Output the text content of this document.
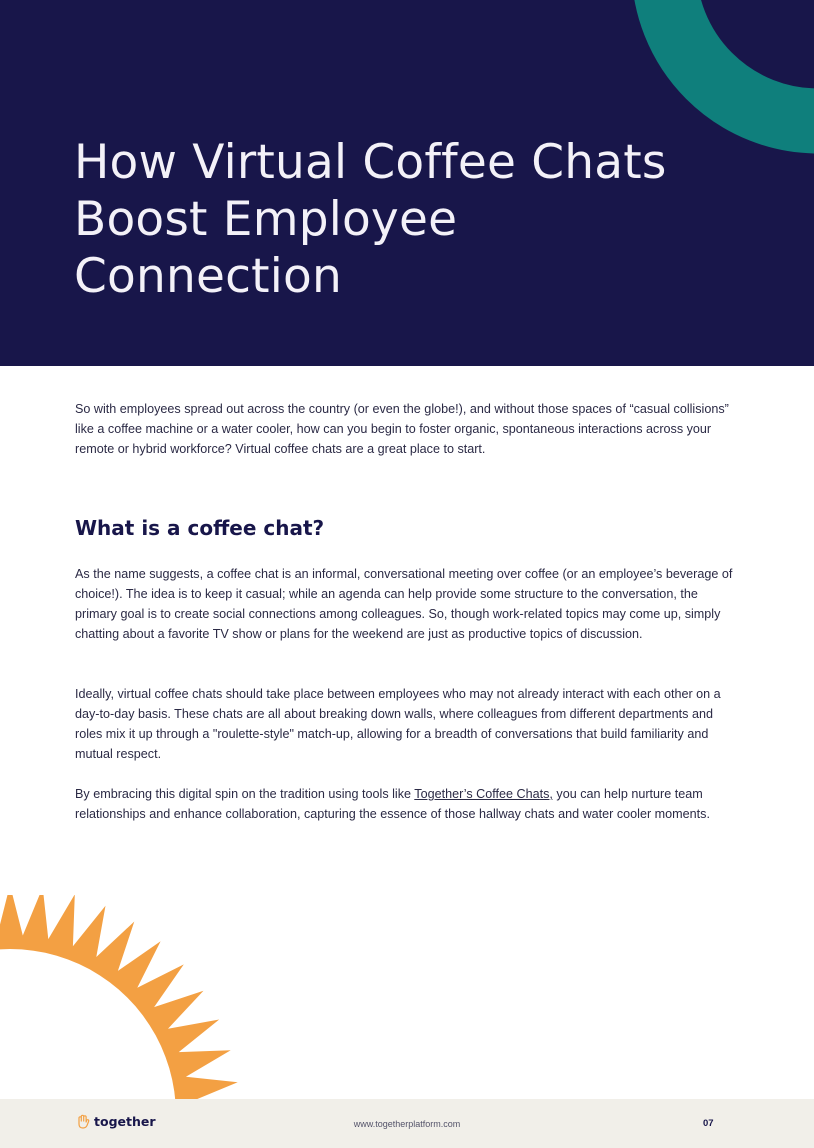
How Virtual Coffee Chats
Boost Employee
Connection

So with employees spread out across the country (or even the globe!), and without those spaces of “casual collisions” like a coffee machine or a water cooler, how can you begin to foster organic, spontaneous interactions across your remote or hybrid workforce? Virtual coffee chats are a great place to start.

What is a coffee chat?

As the name suggests, a coffee chat is an informal, conversational meeting over coffee (or an employee’s beverage of choice!). The idea is to keep it casual; while an agenda can help provide some structure to the conversation, the primary goal is to create social connections among colleagues. So, though work-related topics may come up, simply chatting about a favorite TV show or plans for the weekend are just as productive topics of discussion.

Ideally, virtual coffee chats should take place between employees who may not already interact with each other on a day-to-day basis. These chats are all about breaking down walls, where colleagues from different departments and roles mix it up through a "roulette-style" match-up, allowing for a breadth of conversations that build familiarity and mutual respect.

By embracing this digital spin on the tradition using tools like Together’s Coffee Chats, you can help nurture team relationships and enhance collaboration, capturing the essence of those hallway chats and water cooler moments.

together	www.togetherplatform.com	07
